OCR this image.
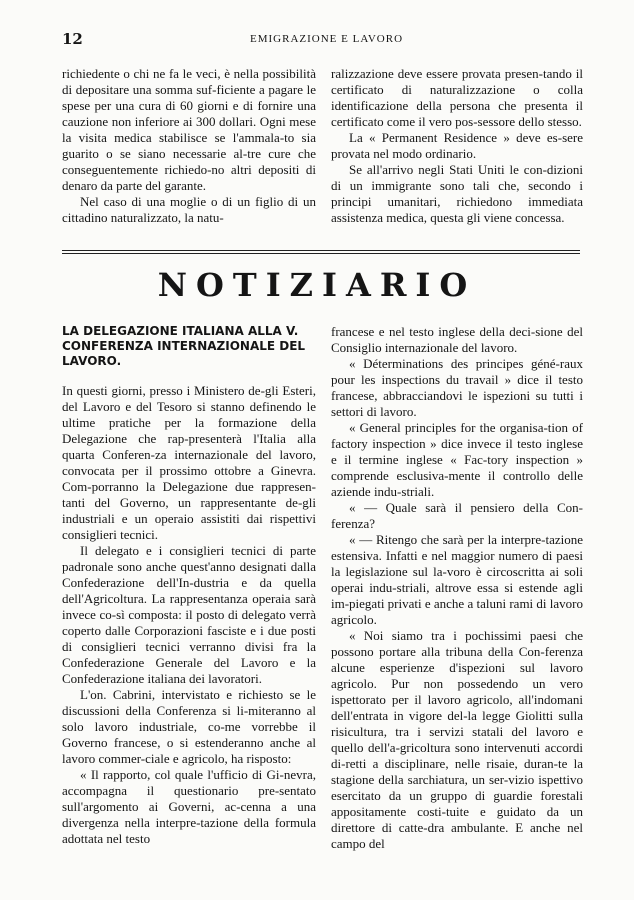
12	EMIGRAZIONE E LAVORO

richiedente o chi ne fa le veci, è nella possibilità di depositare una somma suf-ficiente a pagare le spese per una cura di 60 giorni e di fornire una cauzione non inferiore ai 300 dollari. Ogni mese la visita medica stabilisce se l'ammala-to sia guarito o se siano necessarie al-tre cure che conseguentemente richiedo-no altri depositi di denaro da parte del garante.

Nel caso di una moglie o di un figlio di un cittadino naturalizzato, la natu-

ralizzazione deve essere provata presen-tando il certificato di naturalizzazione o colla identificazione della persona che presenta il certificato come il vero pos-sessore dello stesso.

La « Permanent Residence » deve es-sere provata nel modo ordinario.

Se all'arrivo negli Stati Uniti le con-dizioni di un immigrante sono tali che, secondo i principi umanitari, richiedono immediata assistenza medica, questa gli viene concessa.

NOTIZIARIO
LA DELEGAZIONE ITALIANA ALLA V. CONFERENZA INTERNAZIONALE DEL LAVORO.

In questi giorni, presso i Ministero de-gli Esteri, del Lavoro e del Tesoro si stanno definendo le ultime pratiche per la formazione della Delegazione che rap-presenterà l'Italia alla quarta Conferen-za internazionale del lavoro, convocata per il prossimo ottobre a Ginevra. Com-porranno la Delegazione due rappresen-tanti del Governo, un rappresentante de-gli industriali e un operaio assistiti dai rispettivi consiglieri tecnici.

Il delegato e i consiglieri tecnici di parte padronale sono anche quest'anno designati dalla Confederazione dell'In-dustria e da quella dell'Agricoltura. La rappresentanza operaia sarà invece co-sì composta: il posto di delegato verrà coperto dalle Corporazioni fasciste e i due posti di consiglieri tecnici verranno divisi fra la Confederazione Generale del Lavoro e la Confederazione italiana dei lavoratori.

L'on. Cabrini, intervistato e richiesto se le discussioni della Conferenza si li-miteranno al solo lavoro industriale, co-me vorrebbe il Governo francese, o si estenderanno anche al lavoro commer-ciale e agricolo, ha risposto:

« Il rapporto, col quale l'ufficio di Gi-nevra, accompagna il questionario pre-sentato sull'argomento ai Governi, ac-cenna a una divergenza nella interpre-tazione della formula adottata nel testo

francese e nel testo inglese della deci-sione del Consiglio internazionale del lavoro.

« Déterminations des principes géné-raux pour les inspections du travail » dice il testo francese, abbracciandovi le ispezioni su tutti i settori di lavoro.

« General principles for the organisa-tion of factory inspection » dice invece il testo inglese e il termine inglese « Fac-tory inspection » comprende esclusiva-mente il controllo delle aziende indu-striali.

« — Quale sarà il pensiero della Con-ferenza?

« — Ritengo che sarà per la interpre-tazione estensiva. Infatti e nel maggior numero di paesi la legislazione sul la-voro è circoscritta ai soli operai indu-striali, altrove essa si estende agli im-piegati privati e anche a taluni rami di lavoro agricolo.

« Noi siamo tra i pochissimi paesi che possono portare alla tribuna della Con-ferenza alcune esperienze d'ispezioni sul lavoro agricolo. Pur non possedendo un vero ispettorato per il lavoro agricolo, all'indomani dell'entrata in vigore del-la legge Giolitti sulla risicultura, tra i servizi statali del lavoro e quello dell'a-gricoltura sono intervenuti accordi di-retti a disciplinare, nelle risaie, duran-te la stagione della sarchiatura, un ser-vizio ispettivo esercitato da un gruppo di guardie forestali appositamente costi-tuite e guidato da un direttore di catte-dra ambulante. E anche nel campo del
